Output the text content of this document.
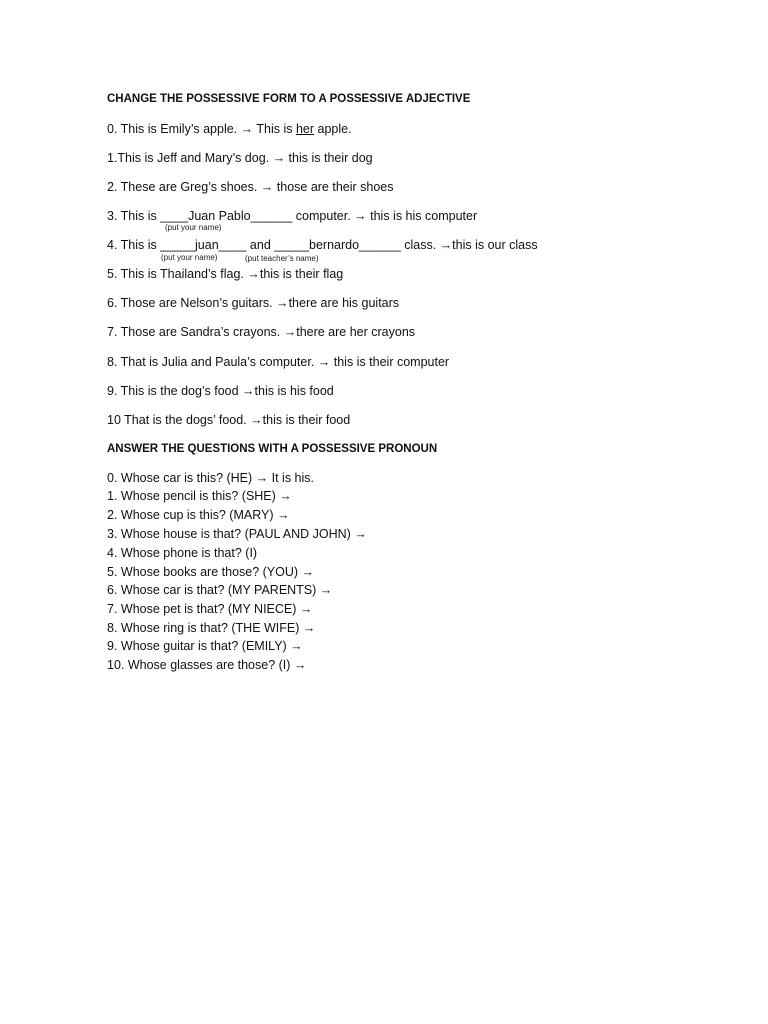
CHANGE THE POSSESSIVE FORM TO A POSSESSIVE ADJECTIVE
0. This is Emily’s apple. → This is her apple.
1.This is Jeff and Mary’s dog. → this is their dog
2. These are Greg’s shoes. → those are their shoes
3. This is ____Juan Pablo______ computer. → this is his computer
(put your name)
4. This is _____juan____ and _____bernardo______ class. →this is our class
(put your name)	(put teacher’s name)
5. This is Thailand’s flag. →this is their flag
6. Those are Nelson’s guitars. →there are his guitars
7. Those are Sandra’s crayons. →there are her crayons
8. That is Julia and Paula’s computer. → this is their computer
9. This is the dog’s food →this is his food
10 That is the dogs’ food. →this is their food
ANSWER THE QUESTIONS WITH A POSSESSIVE PRONOUN
0. Whose car is this? (HE) → It is his.
1. Whose pencil is this? (SHE) →
2. Whose cup is this? (MARY) →
3. Whose house is that? (PAUL AND JOHN) →
4. Whose phone is that? (I)
5. Whose books are those? (YOU) →
6. Whose car is that? (MY PARENTS) →
7. Whose pet is that? (MY NIECE) →
8. Whose ring is that? (THE WIFE) →
9. Whose guitar is that? (EMILY) →
10. Whose glasses are those? (I) →
